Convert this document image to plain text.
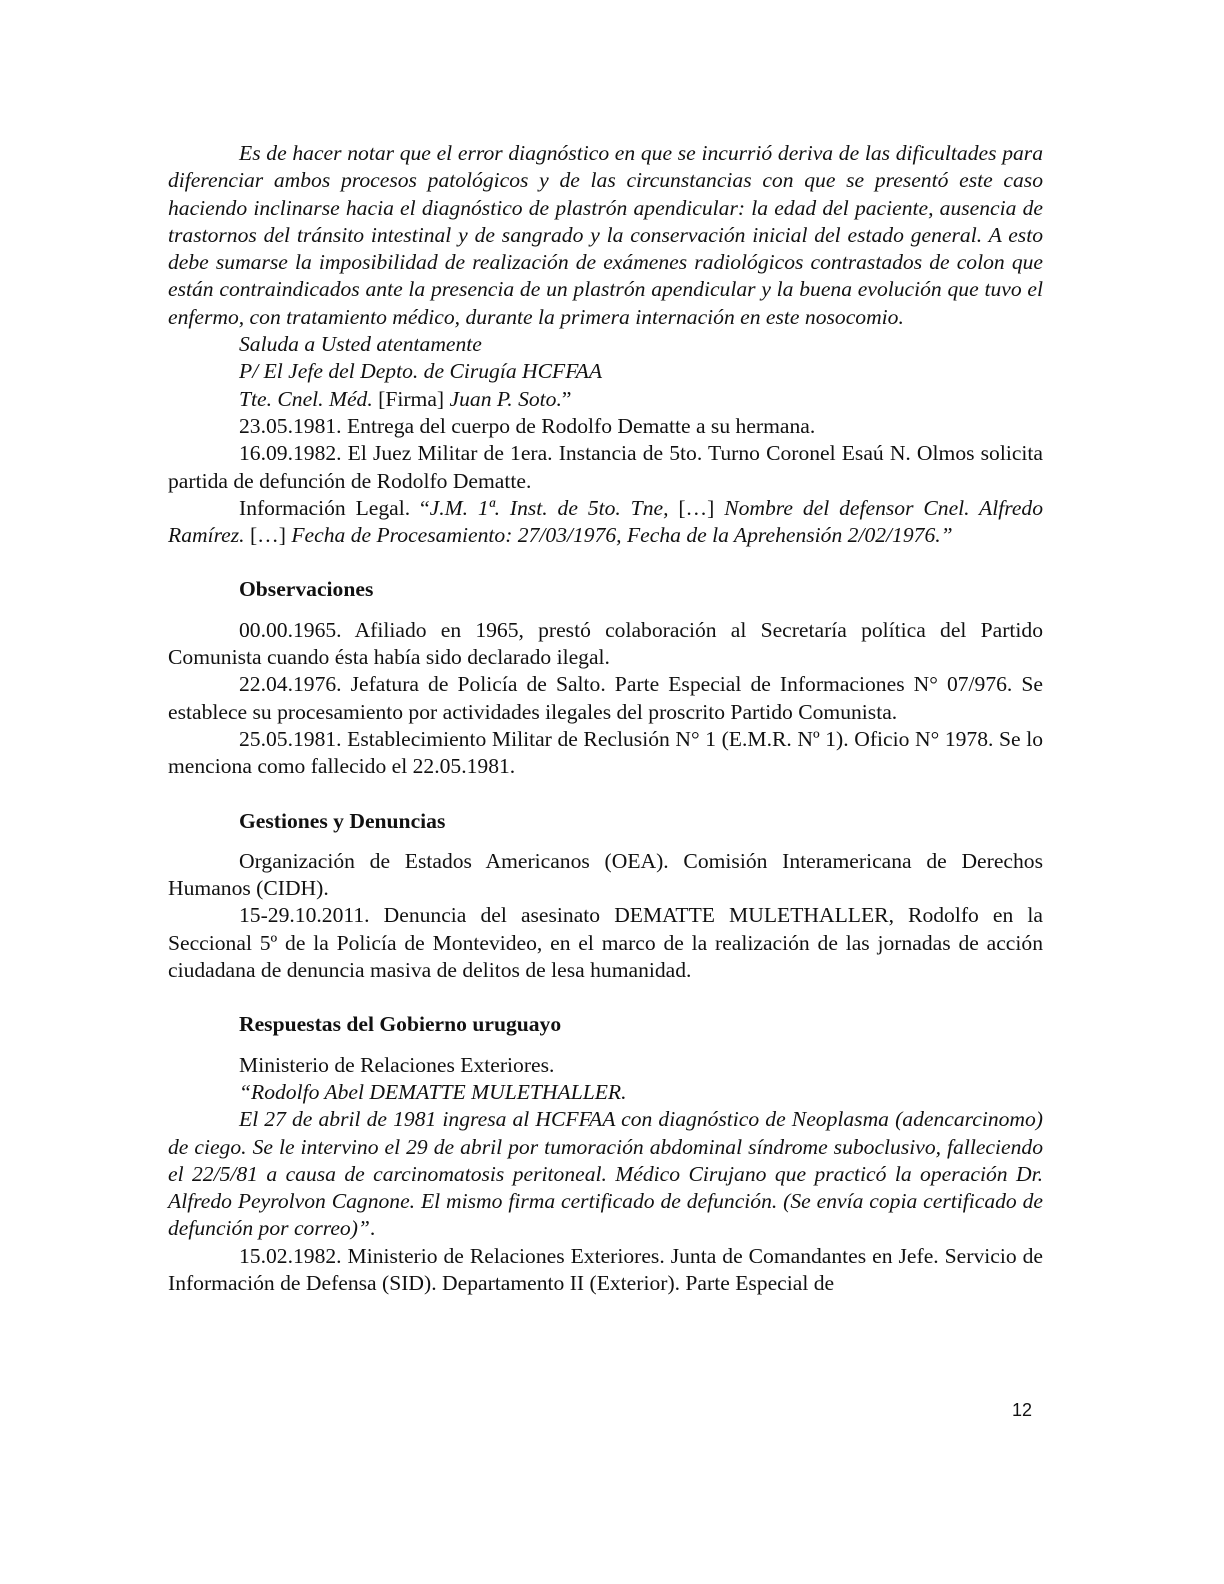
Es de hacer notar que el error diagnóstico en que se incurrió deriva de las dificultades para diferenciar ambos procesos patológicos y de las circunstancias con que se presentó este caso haciendo inclinarse hacia el diagnóstico de plastrón apendicular: la edad del paciente, ausencia de trastornos del tránsito intestinal y de sangrado y la conservación inicial del estado general. A esto debe sumarse la imposibilidad de realización de exámenes radiológicos contrastados de colon que están contraindicados ante la presencia de un plastrón apendicular y la buena evolución que tuvo el enfermo, con tratamiento médico, durante la primera internación en este nosocomio.

Saluda a Usted atentamente

P/ El Jefe del Depto. de Cirugía HCFFAA

Tte. Cnel. Méd. [Firma] Juan P. Soto.”

23.05.1981. Entrega del cuerpo de Rodolfo Dematte a su hermana.

16.09.1982. El Juez Militar de 1era. Instancia de 5to. Turno Coronel Esaú N. Olmos solicita partida de defunción de Rodolfo Dematte.

Información Legal. “J.M. 1ª. Inst. de 5to. Tne, […] Nombre del defensor Cnel. Alfredo Ramírez. […] Fecha de Procesamiento: 27/03/1976, Fecha de la Aprehensión 2/02/1976.”

Observaciones

00.00.1965. Afiliado en 1965, prestó colaboración al Secretaría política del Partido Comunista cuando ésta había sido declarado ilegal.

22.04.1976. Jefatura de Policía de Salto. Parte Especial de Informaciones N° 07/976. Se establece su procesamiento por actividades ilegales del proscrito Partido Comunista.

25.05.1981. Establecimiento Militar de Reclusión N° 1 (E.M.R. Nº 1). Oficio N° 1978. Se lo menciona como fallecido el 22.05.1981.

Gestiones y Denuncias

Organización de Estados Americanos (OEA). Comisión Interamericana de Derechos Humanos (CIDH).

15-29.10.2011. Denuncia del asesinato DEMATTE MULETHALLER, Rodolfo en la Seccional 5º de la Policía de Montevideo, en el marco de la realización de las jornadas de acción ciudadana de denuncia masiva de delitos de lesa humanidad.

Respuestas del Gobierno uruguayo

Ministerio de Relaciones Exteriores.

“Rodolfo Abel DEMATTE MULETHALLER.

El 27 de abril de 1981 ingresa al HCFFAA con diagnóstico de Neoplasma (adencarcinomo) de ciego. Se le intervino el 29 de abril por tumoración abdominal síndrome suboclusivo, falleciendo el 22/5/81 a causa de carcinomatosis peritoneal. Médico Cirujano que practicó la operación Dr. Alfredo Peyrolvon Cagnone. El mismo firma certificado de defunción. (Se envía copia certificado de defunción por correo)”.

15.02.1982. Ministerio de Relaciones Exteriores. Junta de Comandantes en Jefe. Servicio de Información de Defensa (SID). Departamento II (Exterior). Parte Especial de

12
